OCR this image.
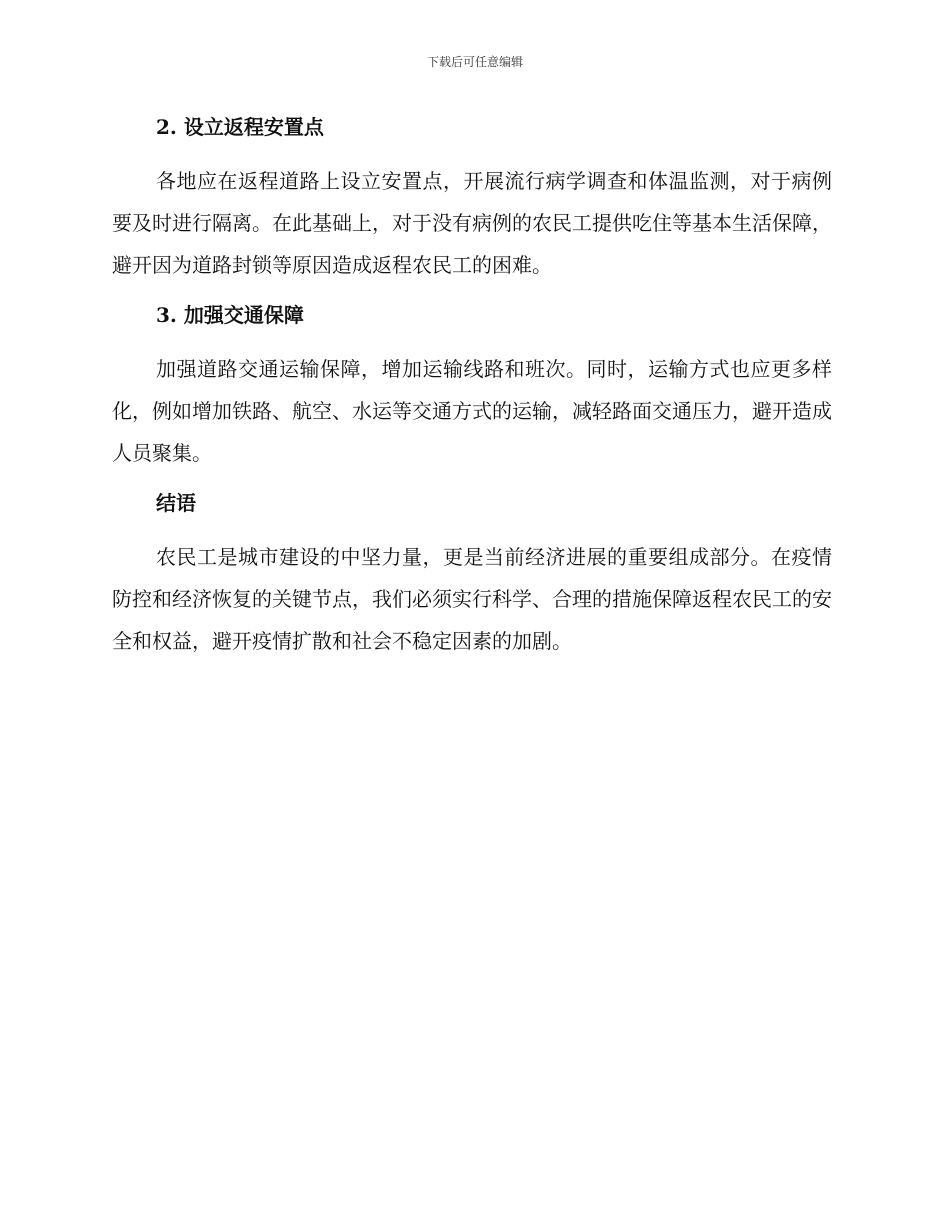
下载后可任意编辑
2. 设立返程安置点

各地应在返程道路上设立安置点，开展流行病学调查和体温监测，对于病例要及时进行隔离。在此基础上，对于没有病例的农民工提供吃住等基本生活保障，避开因为道路封锁等原因造成返程农民工的困难。

3. 加强交通保障

加强道路交通运输保障，增加运输线路和班次。同时，运输方式也应更多样化，例如增加铁路、航空、水运等交通方式的运输，减轻路面交通压力，避开造成人员聚集。

结语

农民工是城市建设的中坚力量，更是当前经济进展的重要组成部分。在疫情防控和经济恢复的关键节点，我们必须实行科学、合理的措施保障返程农民工的安全和权益，避开疫情扩散和社会不稳定因素的加剧。
